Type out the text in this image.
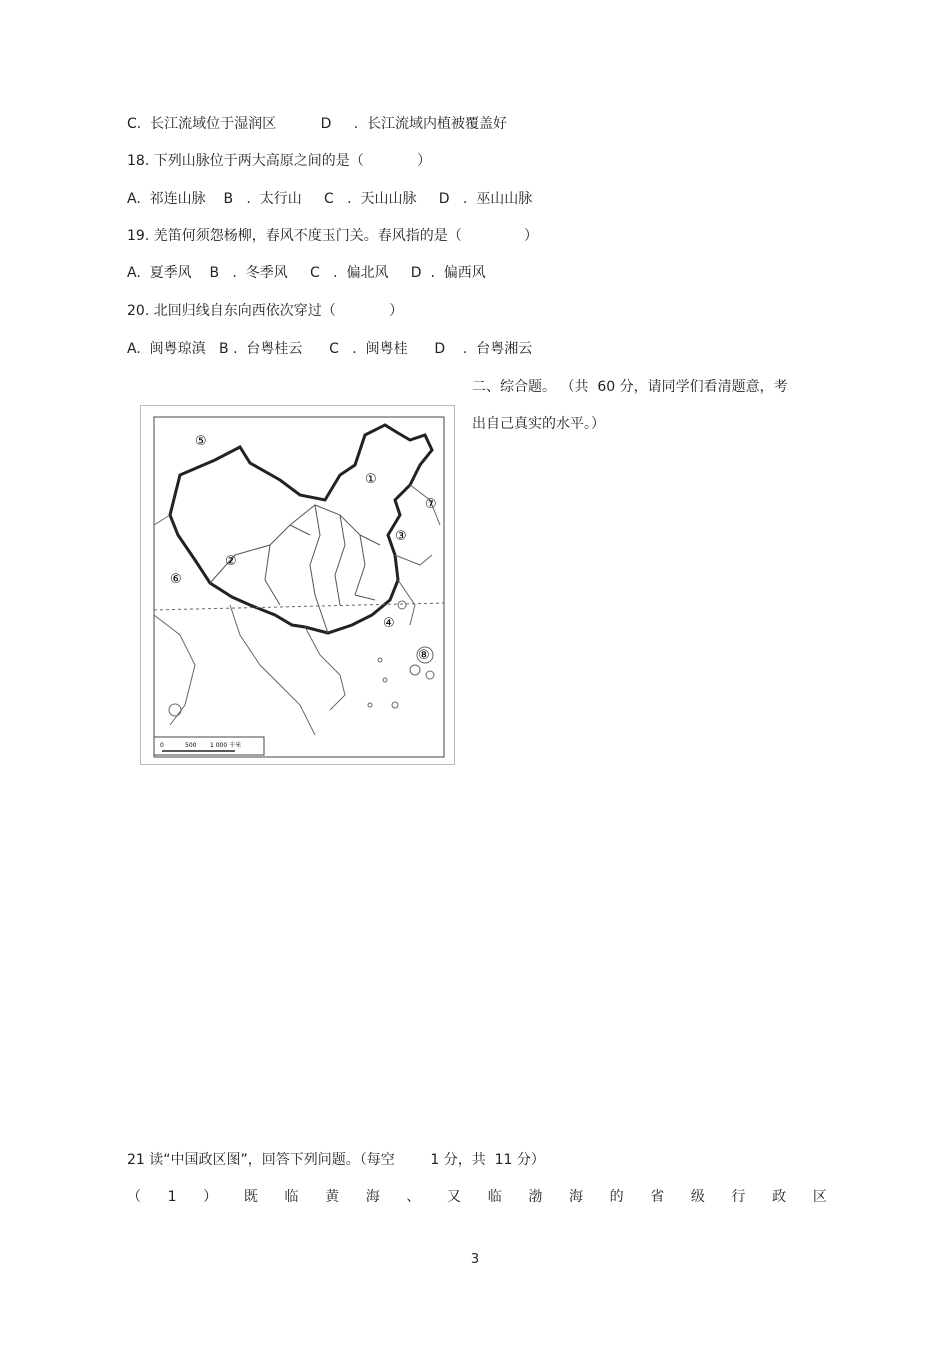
C.  长江流域位于湿润区          D     .  长江流域内植被覆盖好
18. 下列山脉位于两大高原之间的是（            ）
A.  祁连山脉    B   .  太行山     C   .  天山山脉     D   .  巫山山脉
19. 羌笛何须怨杨柳，春风不度玉门关。春风指的是（              ）
A.  夏季风    B   .  冬季风     C   .  偏北风     D  .  偏西风
20. 北回归线自东向西依次穿过（            ）
A.  闽粤琼滇   B .  台粤桂云      C   .  闽粤桂      D    .  台粤湘云
二、综合题。 （共  60 分，请同学们看清题意，考
出自己真实的水平。）
⑤
①
⑦
③
②
⑥
④
⑧
0	500 1 000 千米
21 读“中国政区图”，回答下列问题。（每空        1 分，共  11 分）
（ 1 ） 既 临 黄 海 、 又 临 渤 海 的 省 级 行 政 区
3
